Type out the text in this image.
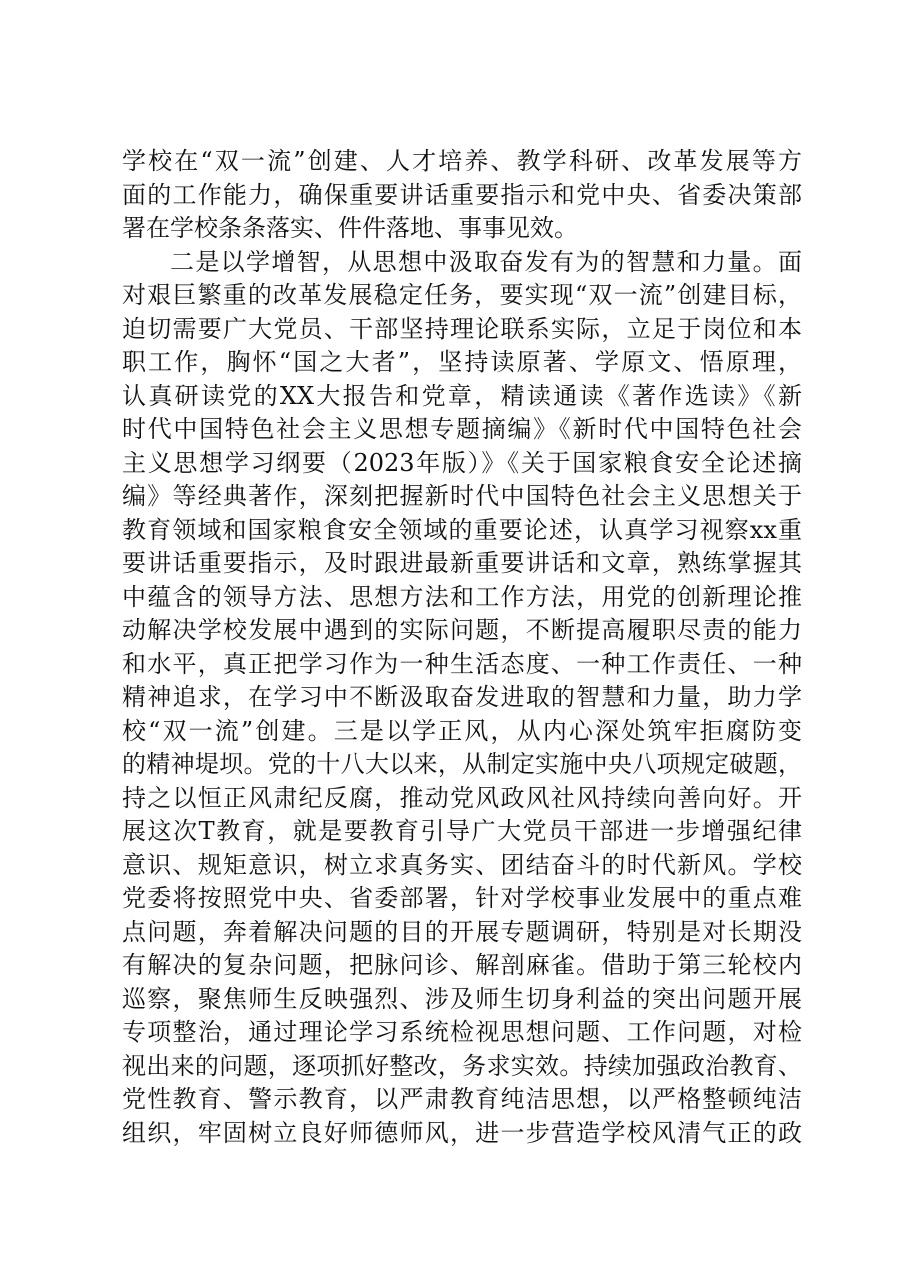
学校在“双一流”创建、人才培养、教学科研、改革发展等方
面的工作能力，确保重要讲话重要指示和党中央、省委决策部
署在学校条条落实、件件落地、事事见效。
二是以学增智，从思想中汲取奋发有为的智慧和力量。面
对艰巨繁重的改革发展稳定任务，要实现“双一流”创建目标，
迫切需要广大党员、干部坚持理论联系实际，立足于岗位和本
职工作，胸怀“国之大者”，坚持读原著、学原文、悟原理，
认真研读党的XX大报告和党章，精读通读《著作选读》《新
时代中国特色社会主义思想专题摘编》《新时代中国特色社会
主义思想学习纲要（2023年版）》《关于国家粮食安全论述摘
编》等经典著作，深刻把握新时代中国特色社会主义思想关于
教育领域和国家粮食安全领域的重要论述，认真学习视察xx重
要讲话重要指示，及时跟进最新重要讲话和文章，熟练掌握其
中蕴含的领导方法、思想方法和工作方法，用党的创新理论推
动解决学校发展中遇到的实际问题，不断提高履职尽责的能力
和水平，真正把学习作为一种生活态度、一种工作责任、一种
精神追求，在学习中不断汲取奋发进取的智慧和力量，助力学
校“双一流”创建。三是以学正风，从内心深处筑牢拒腐防变
的精神堤坝。党的十八大以来，从制定实施中央八项规定破题，
持之以恒正风肃纪反腐，推动党风政风社风持续向善向好。开
展这次T教育，就是要教育引导广大党员干部进一步增强纪律
意识、规矩意识，树立求真务实、团结奋斗的时代新风。学校
党委将按照党中央、省委部署，针对学校事业发展中的重点难
点问题，奔着解决问题的目的开展专题调研，特别是对长期没
有解决的复杂问题，把脉问诊、解剖麻雀。借助于第三轮校内
巡察，聚焦师生反映强烈、涉及师生切身利益的突出问题开展
专项整治，通过理论学习系统检视思想问题、工作问题，对检
视出来的问题，逐项抓好整改，务求实效。持续加强政治教育、
党性教育、警示教育，以严肃教育纯洁思想，以严格整顿纯洁
组织，牢固树立良好师德师风，进一步营造学校风清气正的政
